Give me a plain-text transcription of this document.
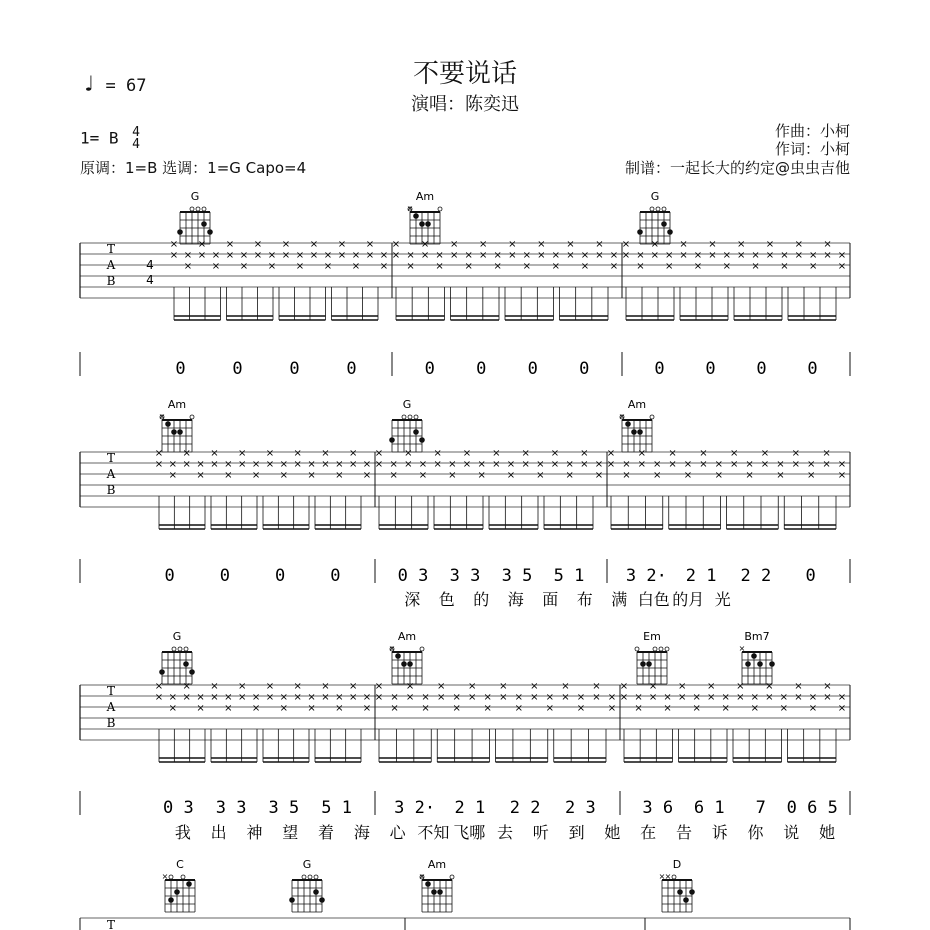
不要说话
演唱：陈奕迅
♩ = 67
1= B 4
4
原调：1=B 选调：1=G Capo=4
作曲：小柯
作词：小柯
制谱：一起长大的约定@虫虫吉他
G	Am
×
G
T
A
B
4
4
×
× ×
×
×
× ×
×
×
× ×
×
×
× ×
×
×
× ×
×
×
× ×
×
×
× ×
×
×
× ×
×
×
× ×
×
×
× ×
×
×
× ×
×
×
× ×
×
×
× ×
×
×
× ×
×
×
× ×
×
×
× ×
×
×
× ×
×
×
× ×
×
×
× ×
×
×
× ×
×
×
× ×
×
×
× ×
×
×
× ×
×
×
× ×
×
0	0	0	0	0 0 0 0	0 0 0 0
Am
×
G	Am
×
T
A
B
×
× ×
×
×
× ×
×
×
× ×
×
×
× ×
×
×
× ×
×
×
× ×
×
×
× ×
×
×
× ×
×
×
× ×
×
×
× ×
×
×
× ×
×
×
× ×
×
×
× ×
×
×
× ×
×
×
× ×
×
×
× ×
×
×
× ×
×
×
× ×
×
×
× ×
×
×
× ×
×
×
× ×
×
×
× ×
×
×
× ×
×
×
× ×
×
0	0	0	0	0 3 3 3 3 5 5 1 3 2· 2 1 2 2 0
深 色 的 海 面 布 满 白色 的月 光
G	Am
×
Em	Bm7
×
T
A
B
×
× ×
×
×
× ×
×
×
× ×
×
×
× ×
×
×
× ×
×
×
× ×
×
×
× ×
×
×
× ×
×
×
× ×
×
×
× ×
×
×
× ×
×
×
× ×
×
×
× ×
×
×
× ×
×
×
× ×
×
×
× ×
×
×
× ×
×
×
× ×
×
×
× ×
×
×
× ×
×
×
× ×
×
×
× ×
×
×
× ×
×
×
× ×
×
0 3 3 3 3 5 5 1 3 2· 2 1 2 2 2 3	3 6 6 1 7 0 6 5
我 出 神 望 着 海 心 不知 飞哪 去 听 到 她 在 告 诉 你 说 她
C
×
G	Am
×
D
× ×
T
